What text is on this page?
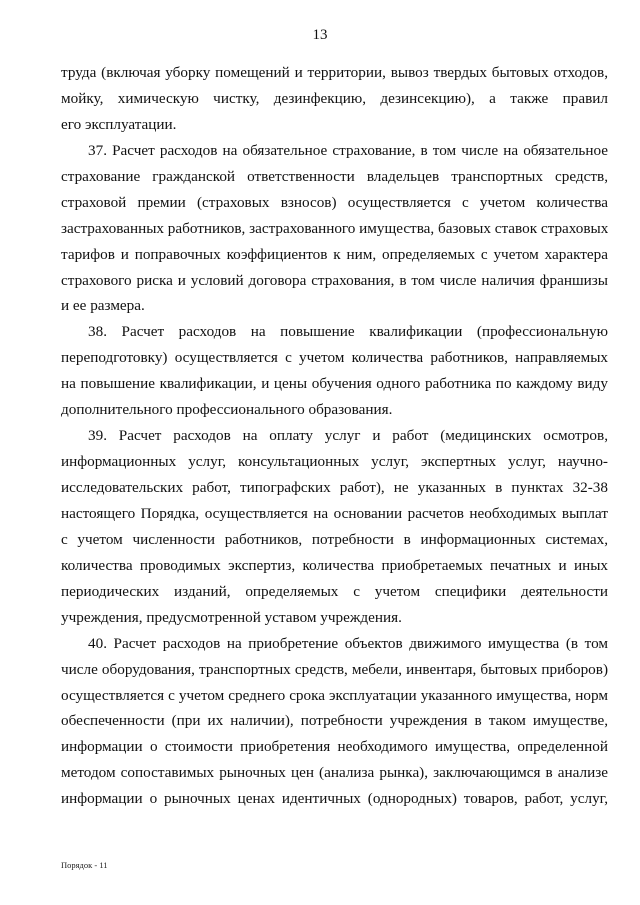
13
труда (включая уборку помещений и территории, вывоз твердых бытовых отходов,
мойку, химическую чистку, дезинфекцию, дезинсекцию), а также правил
его эксплуатации.
37. Расчет расходов на обязательное страхование, в том числе на обязательное
страхование гражданской ответственности владельцев транспортных средств,
страховой премии (страховых взносов) осуществляется с учетом количества
застрахованных работников, застрахованного имущества, базовых ставок страховых
тарифов и поправочных коэффициентов к ним, определяемых с учетом характера
страхового риска и условий договора страхования, в том числе наличия франшизы
и ее размера.
38. Расчет расходов на повышение квалификации (профессиональную
переподготовку) осуществляется с учетом количества работников, направляемых
на повышение квалификации, и цены обучения одного работника по каждому виду
дополнительного профессионального образования.
39. Расчет расходов на оплату услуг и работ (медицинских осмотров,
информационных услуг, консультационных услуг, экспертных услуг, научно-
исследовательских работ, типографских работ), не указанных в пунктах 32-38
настоящего Порядка, осуществляется на основании расчетов необходимых выплат
с учетом численности работников, потребности в информационных системах,
количества проводимых экспертиз, количества приобретаемых печатных и иных
периодических изданий, определяемых с учетом специфики деятельности
учреждения, предусмотренной уставом учреждения.
40. Расчет расходов на приобретение объектов движимого имущества (в том
числе оборудования, транспортных средств, мебели, инвентаря, бытовых приборов)
осуществляется с учетом среднего срока эксплуатации указанного имущества, норм
обеспеченности (при их наличии), потребности учреждения в таком имуществе,
информации о стоимости приобретения необходимого имущества, определенной
методом сопоставимых рыночных цен (анализа рынка), заключающимся в анализе
информации о рыночных ценах идентичных (однородных) товаров, работ, услуг,
Порядок - 11
